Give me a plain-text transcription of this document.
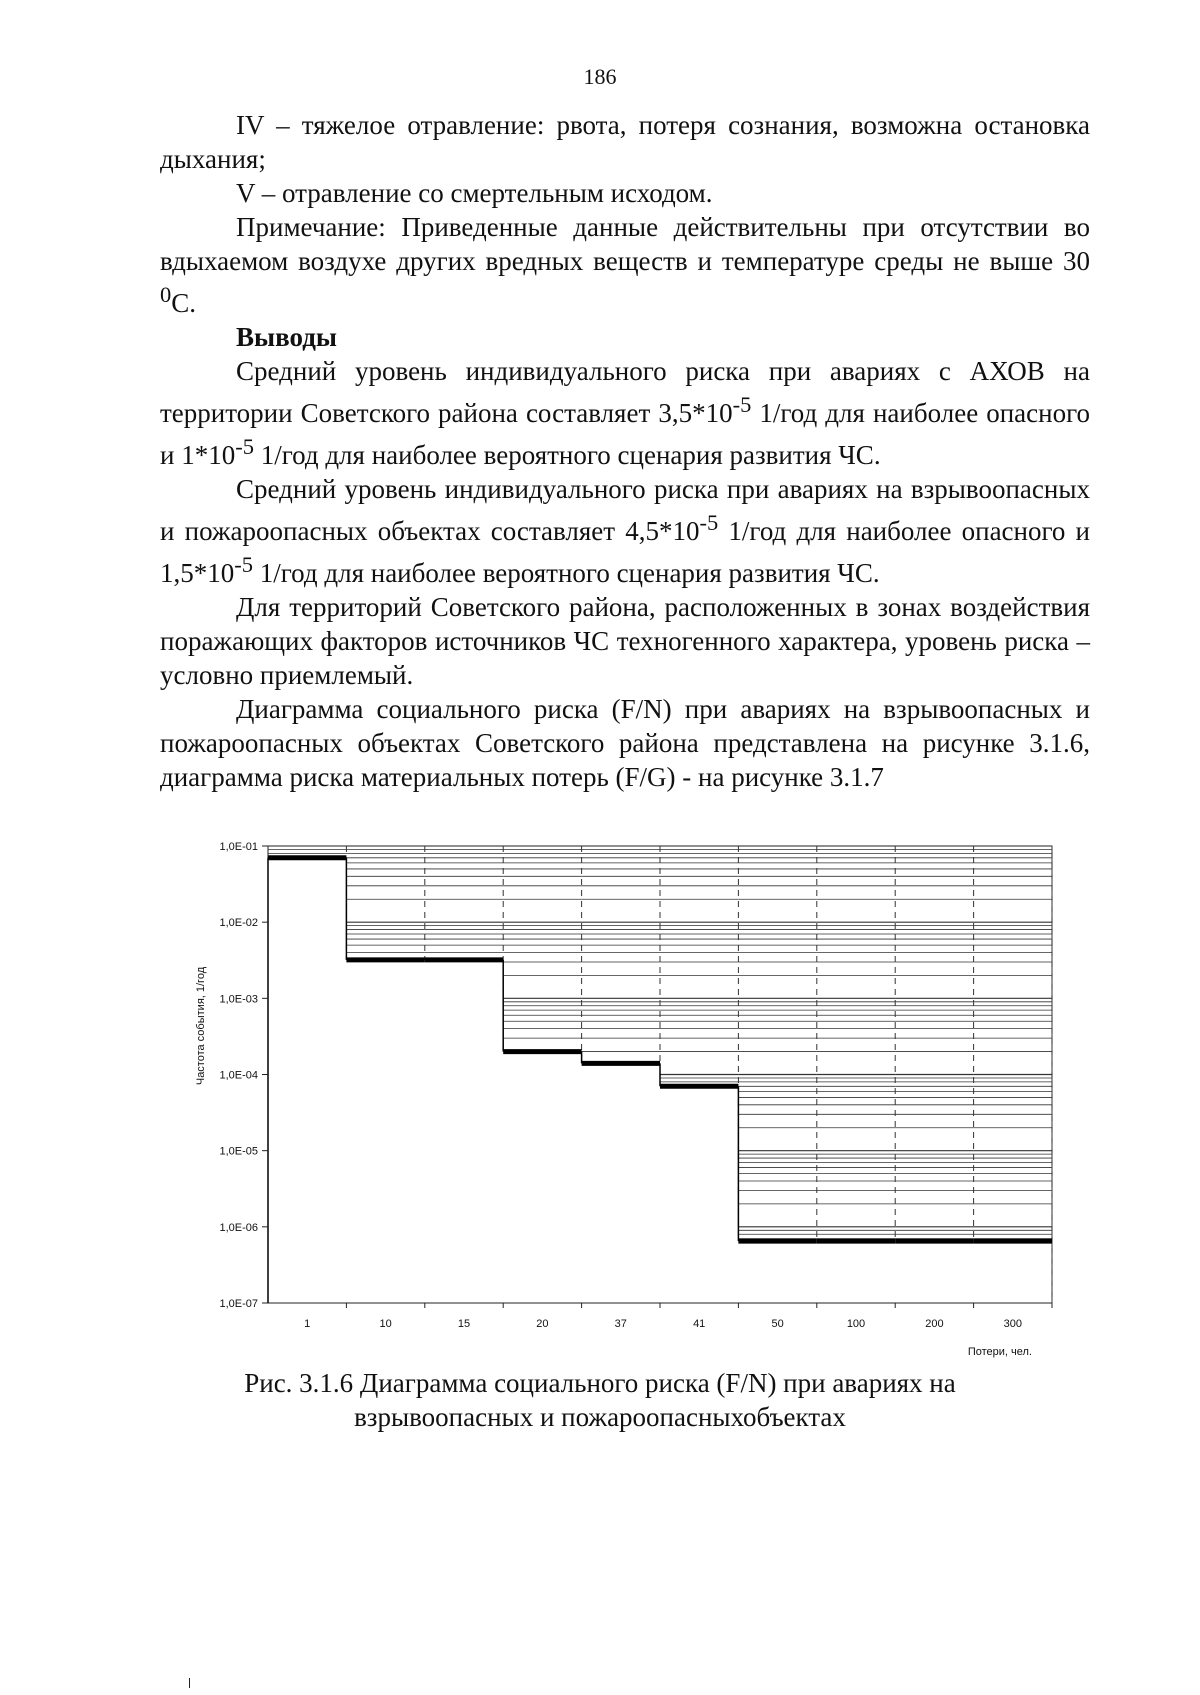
186

IV – тяжелое отравление: рвота, потеря сознания, возможна остановка дыхания;

V – отравление со смертельным исходом.

Примечание: Приведенные данные действительны при отсутствии во вдыхаемом воздухе других вредных веществ и температуре среды не выше 30 $^0$С.

Выводы

Средний уровень индивидуального риска при авариях с АХОВ на территории Советского района составляет $3,5*10^{-5}$ 1/год для наиболее опасного и $1*10^{-5}$ 1/год для наиболее вероятного сценария развития ЧС.

Средний уровень индивидуального риска при авариях на взрывоопасных и пожароопасных объектах составляет $4,5*10^{-5}$ 1/год для наиболее опасного и $1,5*10^{-5}$ 1/год для наиболее вероятного сценария развития ЧС.

Для территорий Советского района, расположенных в зонах воздействия поражающих факторов источников ЧС техногенного характера, уровень риска – условно приемлемый.

Диаграмма социального риска (F/N) при авариях на взрывоопасных и пожароопасных объектах Советского района представлена на рисунке 3.1.6, диаграмма риска материальных потерь (F/G) - на рисунке 3.1.7

1,0E-01
1,0E-02
1,0E-03
1,0E-04
1,0E-05
1,0E-06
1,0E-07
1	10	15	20	37	41	50	100	200	300
Частота события, 1/год
Потери, чел.
Рис. 3.1.6 Диаграмма социального риска (F/N) при авариях на
взрывоопасных и пожароопасныхобъектах
